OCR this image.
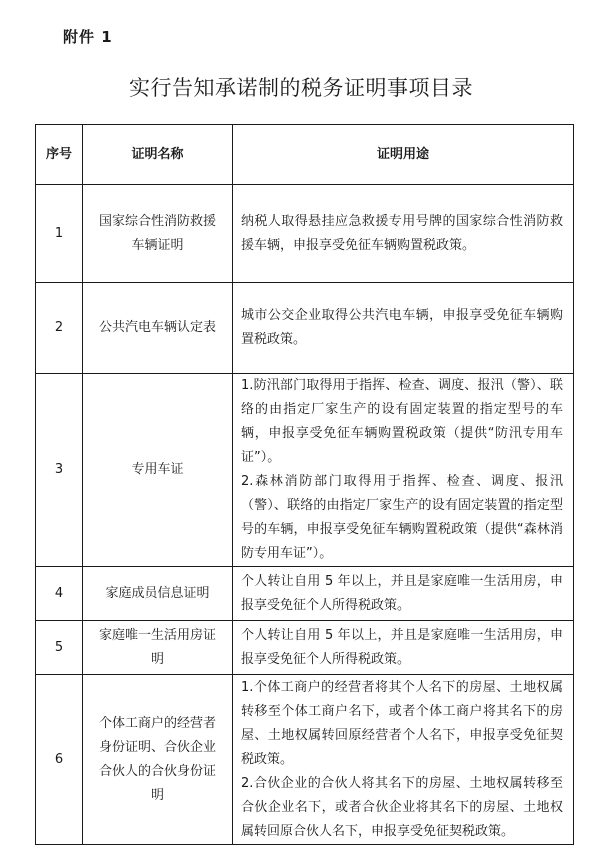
附件 1
实行告知承诺制的税务证明事项目录
序号	证明名称	证明用途
1	国家综合性消防救援车辆证明	纳税人取得悬挂应急救援专用号牌的国家综合性消防救援车辆，申报享受免征车辆购置税政策。

2	公共汽电车辆认定表	城市公交企业取得公共汽电车辆，申报享受免征车辆购置税政策。

3	专用车证	1.防汛部门取得用于指挥、检查、调度、报汛（警）、联络的由指定厂家生产的设有固定装置的指定型号的车辆，申报享受免征车辆购置税政策（提供“防汛专用车证”）。
2.森林消防部门取得用于指挥、检查、调度、报汛（警）、联络的由指定厂家生产的设有固定装置的指定型号的车辆，申报享受免征车辆购置税政策（提供“森林消防专用车证”）。

4	家庭成员信息证明	个人转让自用 5 年以上，并且是家庭唯一生活用房，申报享受免征个人所得税政策。

5	家庭唯一生活用房证明	个人转让自用 5 年以上，并且是家庭唯一生活用房，申报享受免征个人所得税政策。

6	个体工商户的经营者身份证明、合伙企业合伙人的合伙身份证明	1.个体工商户的经营者将其个人名下的房屋、土地权属转移至个体工商户名下，或者个体工商户将其名下的房屋、土地权属转回原经营者个人名下，申报享受免征契税政策。
2.合伙企业的合伙人将其名下的房屋、土地权属转移至合伙企业名下，或者合伙企业将其名下的房屋、土地权属转回原合伙人名下，申报享受免征契税政策。
